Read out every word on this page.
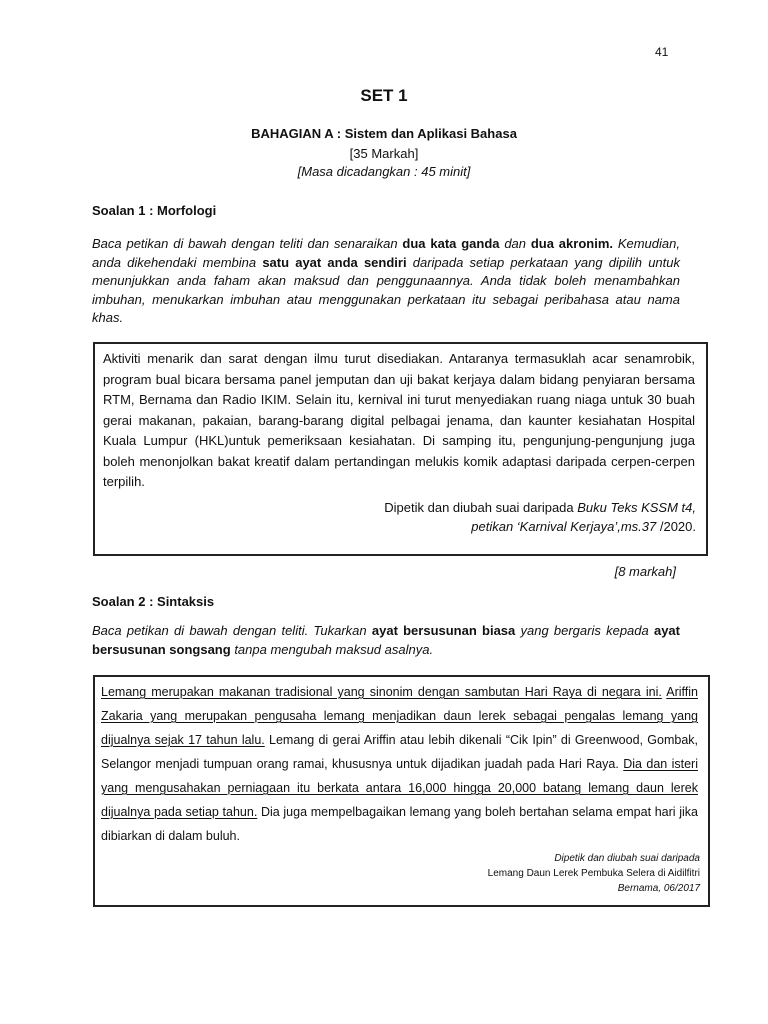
41
SET 1
BAHAGIAN A : Sistem dan Aplikasi Bahasa
[35 Markah]
[Masa dicadangkan : 45 minit]
Soalan 1 : Morfologi
Baca petikan di bawah dengan teliti dan senaraikan dua kata ganda dan dua akronim. Kemudian, anda dikehendaki membina satu ayat anda sendiri daripada setiap perkataan yang dipilih untuk menunjukkan anda faham akan maksud dan penggunaannya. Anda tidak boleh menambahkan imbuhan, menukarkan imbuhan atau menggunakan perkataan itu sebagai peribahasa atau nama khas.
Aktiviti menarik dan sarat dengan ilmu turut disediakan. Antaranya termasuklah acar senamrobik, program bual bicara bersama panel jemputan dan uji bakat kerjaya dalam bidang penyiaran bersama RTM, Bernama dan Radio IKIM. Selain itu, kernival ini turut menyediakan ruang niaga untuk 30 buah gerai makanan, pakaian, barang-barang digital pelbagai jenama, dan kaunter kesiahatan Hospital Kuala Lumpur (HKL)untuk pemeriksaan kesiahatan. Di samping itu, pengunjung-pengunjung juga boleh menonjolkan bakat kreatif dalam pertandingan melukis komik adaptasi daripada cerpen-cerpen terpilih.
Dipetik dan diubah suai daripada Buku Teks KSSM t4,
petikan ‘Karnival Kerjaya’,ms.37 /2020.
[8 markah]
Soalan 2 : Sintaksis
Baca petikan di bawah dengan teliti. Tukarkan ayat bersusunan biasa yang bergaris kepada ayat bersusunan songsang tanpa mengubah maksud asalnya.
Lemang merupakan makanan tradisional yang sinonim dengan sambutan Hari Raya di negara ini. Ariffin Zakaria yang merupakan pengusaha lemang menjadikan daun lerek sebagai pengalas lemang yang dijualnya sejak 17 tahun lalu. Lemang di gerai Ariffin atau lebih dikenali “Cik Ipin” di Greenwood, Gombak, Selangor menjadi tumpuan orang ramai, khususnya untuk dijadikan juadah pada Hari Raya. Dia dan isteri yang mengusahakan perniagaan itu berkata antara 16,000 hingga 20,000 batang lemang daun lerek dijualnya pada setiap tahun. Dia juga mempelbagaikan lemang yang boleh bertahan selama empat hari jika dibiarkan di dalam buluh.
Dipetik dan diubah suai daripada
Lemang Daun Lerek Pembuka Selera di Aidilfitri
Bernama, 06/2017
